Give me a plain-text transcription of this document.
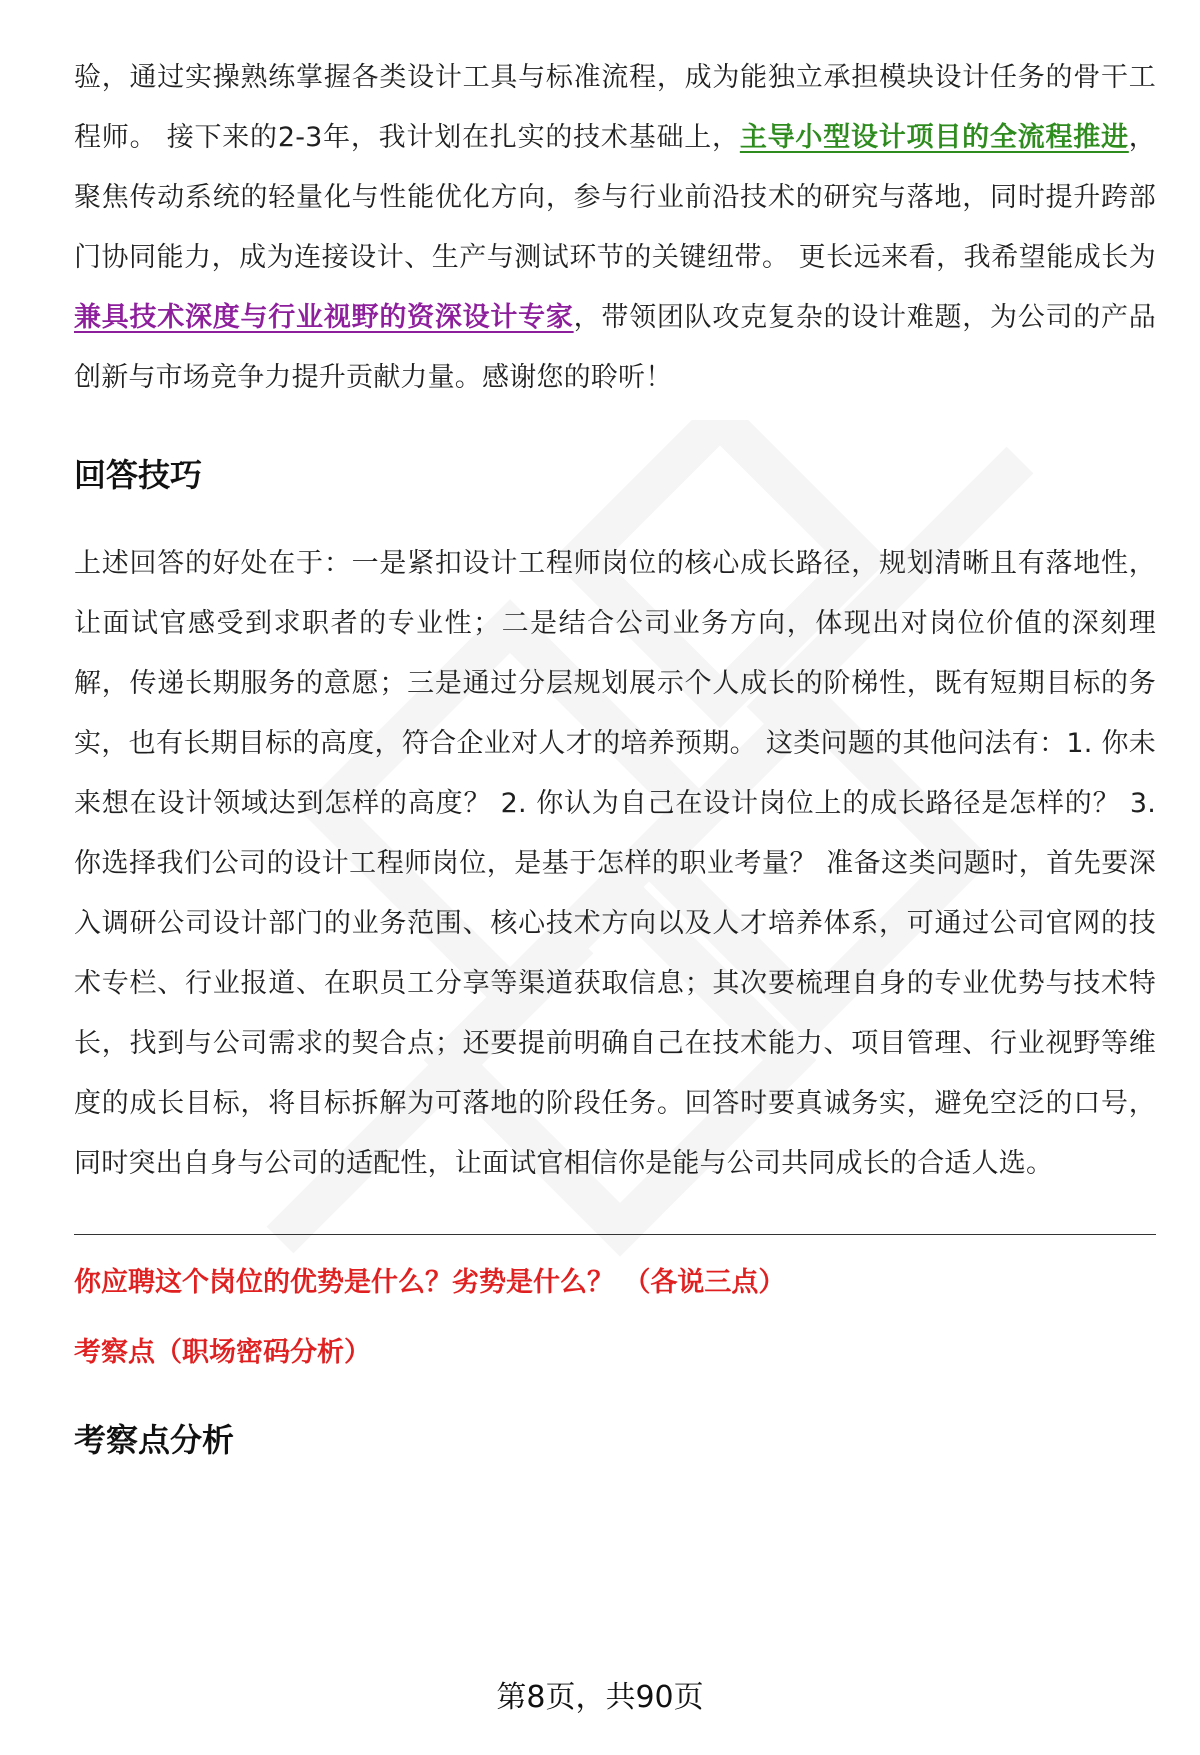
验，通过实操熟练掌握各类设计工具与标准流程，成为能独立承担模块设计任务的骨干工程师。 接下来的2-3年，我计划在扎实的技术基础上，主导小型设计项目的全流程推进，聚焦传动系统的轻量化与性能优化方向，参与行业前沿技术的研究与落地，同时提升跨部门协同能力，成为连接设计、生产与测试环节的关键纽带。 更长远来看，我希望能成长为兼具技术深度与行业视野的资深设计专家，带领团队攻克复杂的设计难题，为公司的产品创新与市场竞争力提升贡献力量。感谢您的聆听！

回答技巧

上述回答的好处在于：一是紧扣设计工程师岗位的核心成长路径，规划清晰且有落地性，让面试官感受到求职者的专业性；二是结合公司业务方向，体现出对岗位价值的深刻理解，传递长期服务的意愿；三是通过分层规划展示个人成长的阶梯性，既有短期目标的务实，也有长期目标的高度，符合企业对人才的培养预期。 这类问题的其他问法有：1. 你未来想在设计领域达到怎样的高度？ 2. 你认为自己在设计岗位上的成长路径是怎样的？ 3. 你选择我们公司的设计工程师岗位，是基于怎样的职业考量？ 准备这类问题时，首先要深入调研公司设计部门的业务范围、核心技术方向以及人才培养体系，可通过公司官网的技术专栏、行业报道、在职员工分享等渠道获取信息；其次要梳理自身的专业优势与技术特长，找到与公司需求的契合点；还要提前明确自己在技术能力、项目管理、行业视野等维度的成长目标，将目标拆解为可落地的阶段任务。回答时要真诚务实，避免空泛的口号，同时突出自身与公司的适配性，让面试官相信你是能与公司共同成长的合适人选。

你应聘这个岗位的优势是什么？劣势是什么？ （各说三点）

考察点（职场密码分析）

考察点分析
第8页，共90页
